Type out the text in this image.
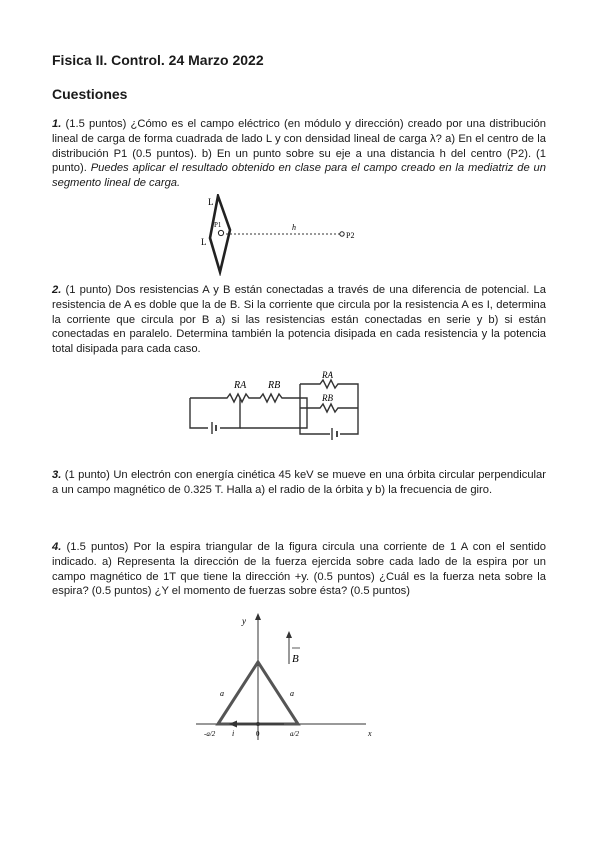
Fisica II. Control. 24 Marzo 2022
Cuestiones

1. (1.5 puntos) ¿Cómo es el campo eléctrico (en módulo y dirección) creado por una distribución lineal de carga de forma cuadrada de lado L y con densidad lineal de carga λ? a) En el centro de la distribución P1 (0.5 puntos). b) En un punto sobre su eje a una distancia h del centro (P2). (1 punto). Puedes aplicar el resultado obtenido en clase para el campo creado en la mediatriz de un segmento lineal de carga.

L
L
P1	h
P2

2. (1 punto) Dos resistencias A y B están conectadas a través de una diferencia de potencial. La resistencia de A es doble que la de B. Si la corriente que circula por la resistencia A es I, determina la corriente que circula por B a) si las resistencias están conectadas en serie y b) si están conectadas en paralelo. Determina también la potencia disipada en cada resistencia y la potencia total disipada para cada caso.

RA RB
RA
RB

3. (1 punto) Un electrón con energía cinética 45 keV se mueve en una órbita circular perpendicular a un campo magnético de 0.325 T. Halla a) el radio de la órbita y b) la frecuencia de giro.

4. (1.5 puntos) Por la espira triangular de la figura circula una corriente de 1 A con el sentido indicado. a) Representa la dirección de la fuerza ejercida sobre cada lado de la espira por un campo magnético de 1T que tiene la dirección +y. (0.5 puntos) ¿Cuál es la fuerza neta sobre la espira? (0.5 puntos) ¿Y el momento de fuerzas sobre ésta? (0.5 puntos)

y
x
B
a	a
-a/2 i	0	a/2
